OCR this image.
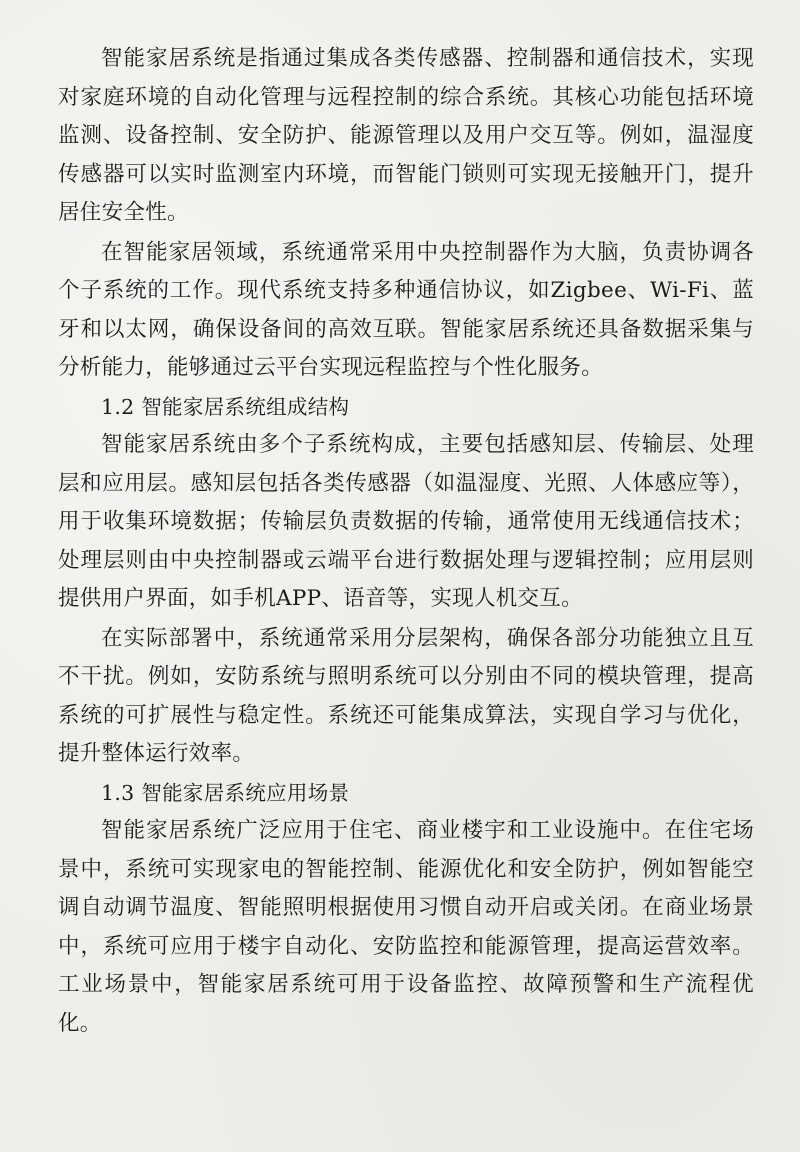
智能家居系统是指通过集成各类传感器、控制器和通信技术，实现对家庭环境的自动化管理与远程控制的综合系统。其核心功能包括环境监测、设备控制、安全防护、能源管理以及用户交互等。例如，温湿度传感器可以实时监测室内环境，而智能门锁则可实现无接触开门，提升居住安全性。

在智能家居领域，系统通常采用中央控制器作为大脑，负责协调各个子系统的工作。现代系统支持多种通信协议，如Zigbee、Wi-Fi、蓝牙和以太网，确保设备间的高效互联。智能家居系统还具备数据采集与分析能力，能够通过云平台实现远程监控与个性化服务。

1.2 智能家居系统组成结构

智能家居系统由多个子系统构成，主要包括感知层、传输层、处理层和应用层。感知层包括各类传感器（如温湿度、光照、人体感应等），用于收集环境数据；传输层负责数据的传输，通常使用无线通信技术；处理层则由中央控制器或云端平台进行数据处理与逻辑控制；应用层则提供用户界面，如手机APP、语音等，实现人机交互。

在实际部署中，系统通常采用分层架构，确保各部分功能独立且互不干扰。例如，安防系统与照明系统可以分别由不同的模块管理，提高系统的可扩展性与稳定性。系统还可能集成算法，实现自学习与优化，提升整体运行效率。

1.3 智能家居系统应用场景

智能家居系统广泛应用于住宅、商业楼宇和工业设施中。在住宅场景中，系统可实现家电的智能控制、能源优化和安全防护，例如智能空调自动调节温度、智能照明根据使用习惯自动开启或关闭。在商业场景中，系统可应用于楼宇自动化、安防监控和能源管理，提高运营效率。工业场景中，智能家居系统可用于设备监控、故障预警和生产流程优化。
